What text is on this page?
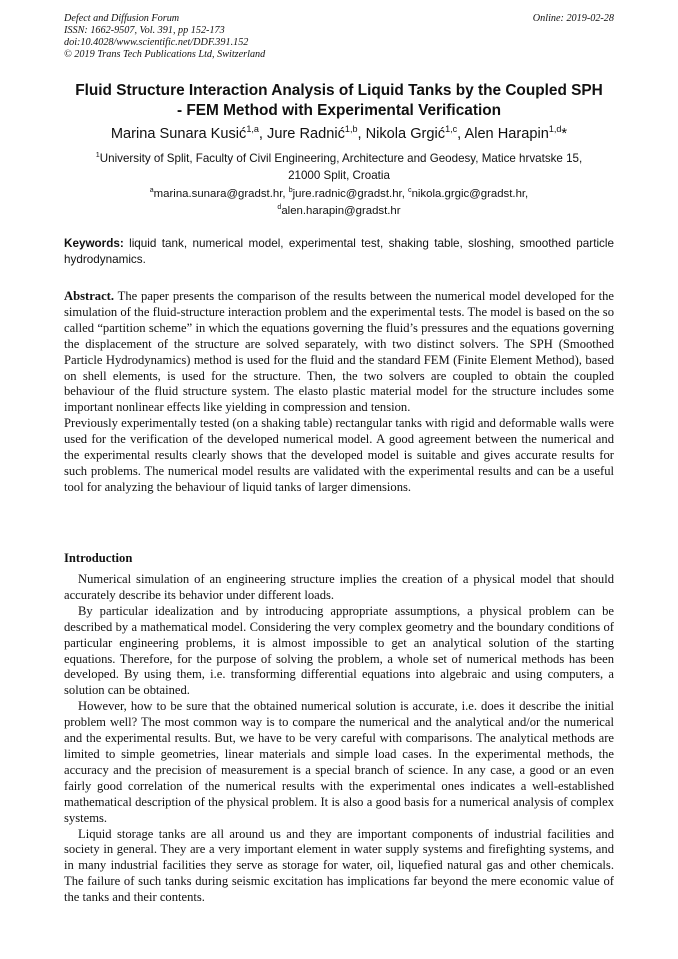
Defect and Diffusion Forum
ISSN: 1662-9507, Vol. 391, pp 152-173
doi:10.4028/www.scientific.net/DDF.391.152
© 2019 Trans Tech Publications Ltd, Switzerland
Online: 2019-02-28
Fluid Structure Interaction Analysis of Liquid Tanks by the Coupled SPH
- FEM Method with Experimental Verification
Marina Sunara Kusić$^{1,a}$, Jure Radnić$^{1,b}$, Nikola Grgić$^{1,c}$, Alen Harapin$^{1,d}$*
$^1$University of Split, Faculty of Civil Engineering, Architecture and Geodesy, Matice hrvatske 15,
21000 Split, Croatia
$^a$marina.sunara@gradst.hr, $^b$jure.radnic@gradst.hr, $^c$nikola.grgic@gradst.hr,
$^d$alen.harapin@gradst.hr
Keywords: liquid tank, numerical model, experimental test, shaking table, sloshing, smoothed particle hydrodynamics.

Abstract. The paper presents the comparison of the results between the numerical model developed for the simulation of the fluid-structure interaction problem and the experimental tests. The model is based on the so called “partition scheme” in which the equations governing the fluid’s pressures and the equations governing the displacement of the structure are solved separately, with two distinct solvers. The SPH (Smoothed Particle Hydrodynamics) method is used for the fluid and the standard FEM (Finite Element Method), based on shell elements, is used for the structure. Then, the two solvers are coupled to obtain the coupled behaviour of the fluid structure system. The elasto plastic material model for the structure includes some important nonlinear effects like yielding in compression and tension.

Previously experimentally tested (on a shaking table) rectangular tanks with rigid and deformable walls were used for the verification of the developed numerical model. A good agreement between the numerical and the experimental results clearly shows that the developed model is suitable and gives accurate results for such problems. The numerical model results are validated with the experimental results and can be a useful tool for analyzing the behaviour of liquid tanks of larger dimensions.

Introduction

Numerical simulation of an engineering structure implies the creation of a physical model that should accurately describe its behavior under different loads.

By particular idealization and by introducing appropriate assumptions, a physical problem can be described by a mathematical model. Considering the very complex geometry and the boundary conditions of particular engineering problems, it is almost impossible to get an analytical solution of the starting equations. Therefore, for the purpose of solving the problem, a whole set of numerical methods has been developed. By using them, i.e. transforming differential equations into algebraic and using computers, a solution can be obtained.

However, how to be sure that the obtained numerical solution is accurate, i.e. does it describe the initial problem well? The most common way is to compare the numerical and the analytical and/or the numerical and the experimental results. But, we have to be very careful with comparisons. The analytical methods are limited to simple geometries, linear materials and simple load cases. In the experimental methods, the accuracy and the precision of measurement is a special branch of science. In any case, a good or an even fairly good correlation of the numerical results with the experimental ones indicates a well-established mathematical description of the physical problem. It is also a good basis for a numerical analysis of complex systems.

Liquid storage tanks are all around us and they are important components of industrial facilities and society in general. They are a very important element in water supply systems and firefighting systems, and in many industrial facilities they serve as storage for water, oil, liquefied natural gas and other chemicals. The failure of such tanks during seismic excitation has implications far beyond the mere economic value of the tanks and their contents.
